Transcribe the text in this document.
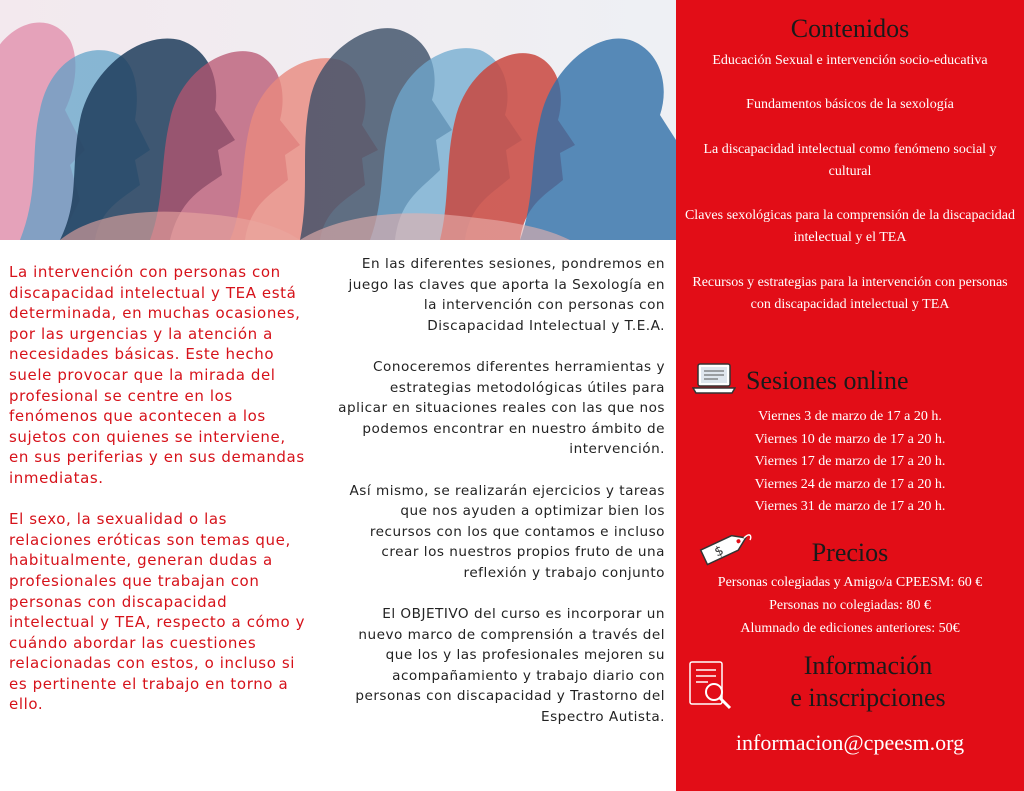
La intervención con personas con discapacidad intelectual y TEA está determinada, en muchas ocasiones, por las urgencias y la atención a necesidades básicas. Este hecho suele provocar que la mirada del profesional se centre en los fenómenos que acontecen a los sujetos con quienes se interviene, en sus periferias y en sus demandas inmediatas.

El sexo, la sexualidad o las relaciones eróticas son temas que, habitualmente, generan dudas a profesionales que trabajan con personas con discapacidad intelectual y TEA, respecto a cómo y cuándo abordar las cuestiones relacionadas con estos, o incluso si es pertinente el trabajo en torno a ello.

En las diferentes sesiones, pondremos en juego las claves que aporta la Sexología en la intervención con personas con Discapacidad Intelectual y T.E.A.

Conoceremos diferentes herramientas y estrategias metodológicas útiles para aplicar en situaciones reales con las que nos podemos encontrar en nuestro ámbito de intervención.

Así mismo, se realizarán ejercicios y tareas que nos ayuden a optimizar bien los recursos con los que contamos e incluso crear los nuestros propios fruto de una reflexión y trabajo conjunto

El OBJETIVO del curso es incorporar un nuevo marco de comprensión a través del que los y las profesionales mejoren su acompañamiento y trabajo diario con personas con discapacidad y Trastorno del Espectro Autista.

Contenidos
Educación Sexual e intervención socio-educativa
Fundamentos básicos de la sexología
La discapacidad intelectual como fenómeno social y cultural
Claves sexológicas para la comprensión de la discapacidad intelectual y el TEA
Recursos y estrategias para la intervención con personas con discapacidad intelectual y TEA
Sesiones online
Viernes 3 de marzo de 17 a 20 h.
Viernes 10 de marzo de 17 a 20 h.
Viernes 17 de marzo de 17 a 20 h.
Viernes 24 de marzo de 17 a 20 h.
Viernes 31 de marzo de 17 a 20 h.
$	Precios
Personas colegiadas y Amigo/a CPEESM: 60 €
Personas no colegiadas: 80 €
Alumnado de ediciones anteriores: 50€
Información
e inscripciones
informacion@cpeesm.org
